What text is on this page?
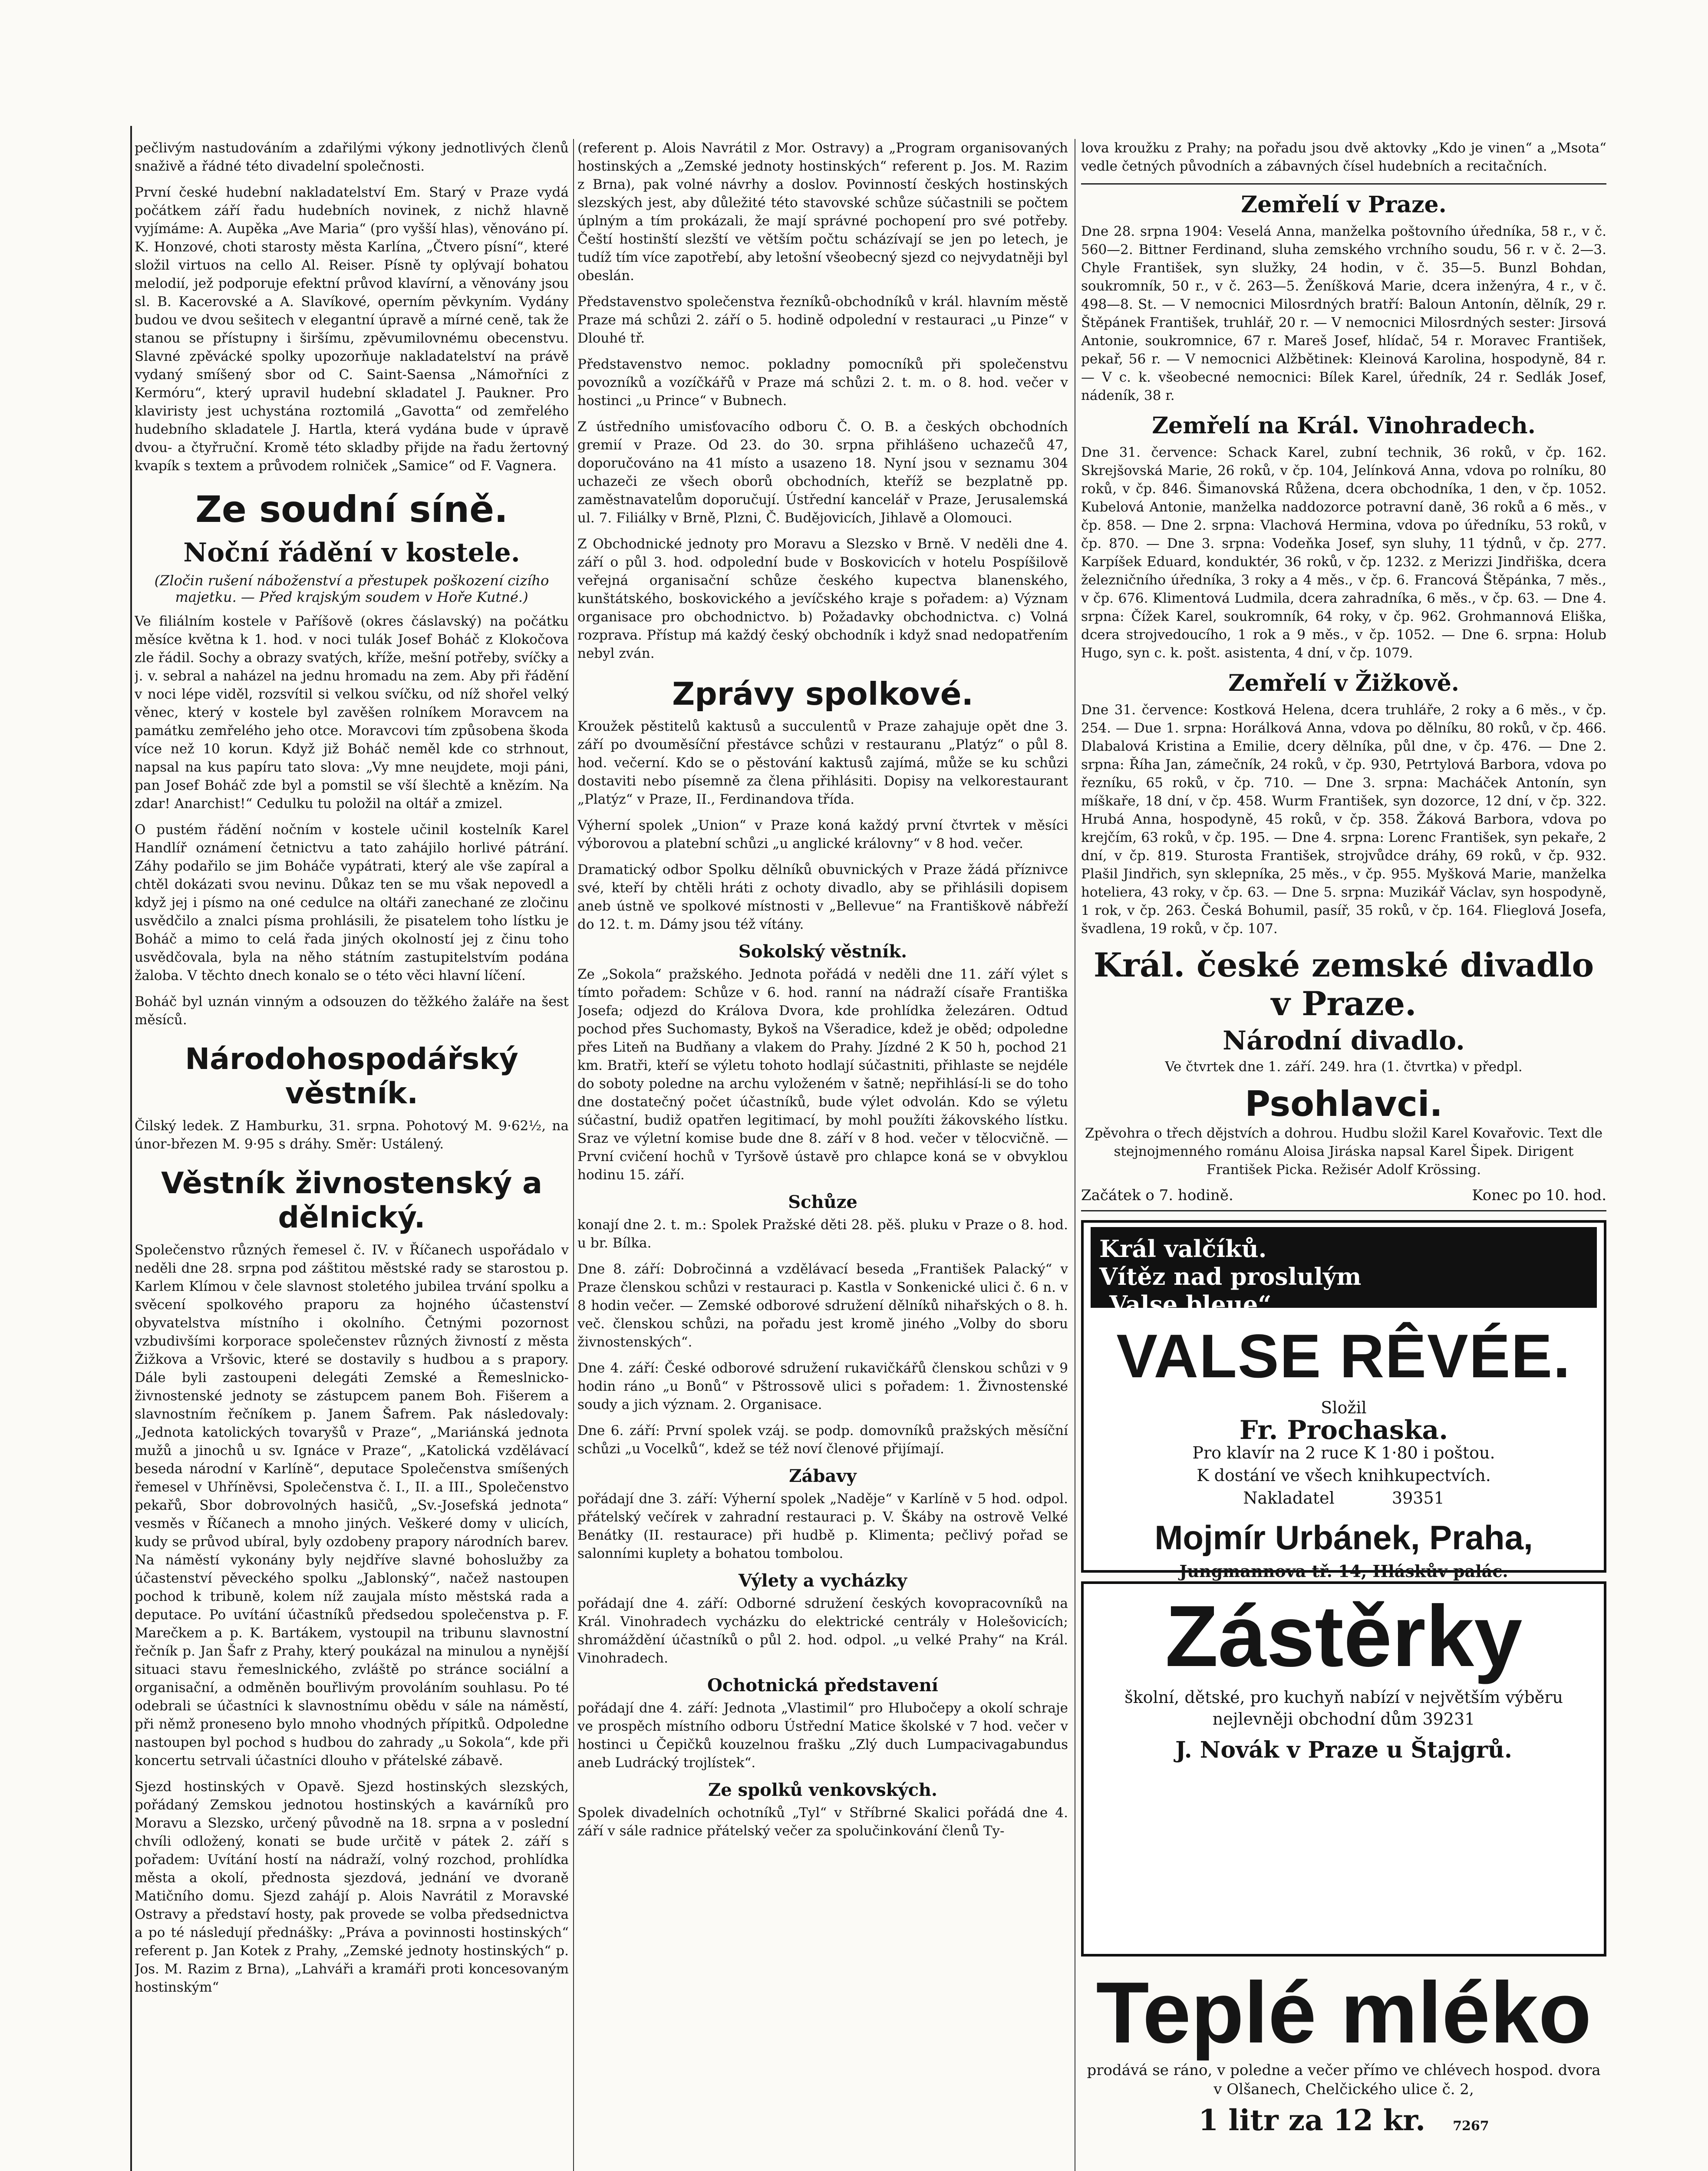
pečlivým nastudováním a zdařilými výkony jednotlivých členů snaživě a řádné této divadelní společnosti.

První české hudební nakladatelství Em. Starý v Praze vydá počátkem září řadu hudebních novinek, z nichž hlavně vyjímáme: A. Aupěka „Ave Maria“ (pro vyšší hlas), věnováno pí. K. Honzové, choti starosty města Karlína, „Čtvero písní“, které složil virtuos na cello Al. Reiser. Písně ty oplývají bohatou melodií, jež podporuje efektní průvod klavírní, a věnovány jsou sl. B. Kacerovské a A. Slavíkové, operním pěvkyním. Vydány budou ve dvou sešitech v elegantní úpravě a mírné ceně, tak že stanou se přístupny i širšímu, zpěvumilovnému obecenstvu. Slavné zpěvácké spolky upozorňuje nakladatelství na právě vydaný smíšený sbor od C. Saint-Saensa „Námořníci z Kermóru“, který upravil hudební skladatel J. Paukner. Pro klaviristy jest uchystána roztomilá „Gavotta“ od zemřelého hudebního skladatele J. Hartla, která vydána bude v úpravě dvou- a čtyřruční. Kromě této skladby přijde na řadu žertovný kvapík s textem a průvodem rolniček „Samice“ od F. Vagnera.

Ze soudní síně.
Noční řádění v kostele.
(Zločin rušení náboženství a přestupek poškození cizího majetku. — Před krajským soudem v Hoře Kutné.)

Ve filiálním kostele v Paříšově (okres čáslavský) na počátku měsíce května k 1. hod. v noci tulák Josef Boháč z Klokočova zle řádil. Sochy a obrazy svatých, kříže, mešní potřeby, svíčky a j. v. sebral a naházel na jednu hromadu na zem. Aby při řádění v noci lépe viděl, rozsvítil si velkou svíčku, od níž shořel velký věnec, který v kostele byl zavěšen rolníkem Moravcem na památku zemřelého jeho otce. Moravcovi tím způsobena škoda více než 10 korun. Když již Boháč neměl kde co strhnout, napsal na kus papíru tato slova: „Vy mne neujdete, moji páni, pan Josef Boháč zde byl a pomstil se vší šlechtě a knězím. Na zdar! Anarchist!“ Cedulku tu položil na oltář a zmizel.

O pustém řádění nočním v kostele učinil kostelník Karel Handlíř oznámení četnictvu a tato zahájilo horlivé pátrání. Záhy podařilo se jim Boháče vypátrati, který ale vše zapíral a chtěl dokázati svou nevinu. Důkaz ten se mu však nepovedl a když jej i písmo na oné cedulce na oltáři zanechané ze zločinu usvědčilo a znalci písma prohlásili, že pisatelem toho lístku je Boháč a mimo to celá řada jiných okolností jej z činu toho usvědčovala, byla na něho státním zastupitelstvím podána žaloba. V těchto dnech konalo se o této věci hlavní líčení.

Boháč byl uznán vinným a odsouzen do těžkého žaláře na šest měsíců.

Národohospodářský věstník.

Čilský ledek. Z Hamburku, 31. srpna. Pohotový M. 9·62½, na únor-březen M. 9·95 s dráhy. Směr: Ustálený.

Věstník živnostenský a dělnický.

Společenstvo různých řemesel č. IV. v Říčanech uspořádalo v neděli dne 28. srpna pod záštitou městské rady se starostou p. Karlem Klímou v čele slavnost stoletého jubilea trvání spolku a svěcení spolkového praporu za hojného účastenství obyvatelstva místního i okolního. Četnými pozornost vzbudivšími korporace společenstev různých živností z města Žižkova a Vršovic, které se dostavily s hudbou a s prapory. Dále byli zastoupeni delegáti Zemské a Řemeslnicko-živnostenské jednoty se zástupcem panem Boh. Fišerem a slavnostním řečníkem p. Janem Šafrem. Pak následovaly: „Jednota katolických tovaryšů v Praze“, „Mariánská jednota mužů a jinochů u sv. Ignáce v Praze“, „Katolická vzdělávací beseda národní v Karlíně“, deputace Společenstva smíšených řemesel v Uhříněvsi, Společenstva č. I., II. a III., Společenstvo pekařů, Sbor dobrovolných hasičů, „Sv.-Josefská jednota“ vesměs v Říčanech a mnoho jiných. Veškeré domy v ulicích, kudy se průvod ubíral, byly ozdobeny prapory národních barev. Na náměstí vykonány byly nejdříve slavné bohoslužby za účastenství pěveckého spolku „Jablonský“, načež nastoupen pochod k tribuně, kolem níž zaujala místo městská rada a deputace. Po uvítání účastníků předsedou společenstva p. F. Marečkem a p. K. Bartákem, vystoupil na tribunu slavnostní řečník p. Jan Šafr z Prahy, který poukázal na minulou a nynější situaci stavu řemeslnického, zvláště po stránce sociální a organisační, a odměněn bouřlivým provoláním souhlasu. Po té odebrali se účastníci k slavnostnímu obědu v sále na náměstí, při němž proneseno bylo mnoho vhodných přípitků. Odpoledne nastoupen byl pochod s hudbou do zahrady „u Sokola“, kde při koncertu setrvali účastníci dlouho v přátelské zábavě.

Sjezd hostinských v Opavě. Sjezd hostinských slezských, pořádaný Zemskou jednotou hostinských a kavárníků pro Moravu a Slezsko, určený původně na 18. srpna a v poslední chvíli odložený, konati se bude určitě v pátek 2. září s pořadem: Uvítání hostí na nádraží, volný rozchod, prohlídka města a okolí, přednosta sjezdová, jednání ve dvoraně Matičního domu. Sjezd zahájí p. Alois Navrátil z Moravské Ostravy a představí hosty, pak provede se volba předsednictva a po té následují přednášky: „Práva a povinnosti hostinských“ referent p. Jan Kotek z Prahy, „Zemské jednoty hostinských“ p. Jos. M. Razim z Brna), „Lahváři a kramáři proti koncesovaným hostinským“

(referent p. Alois Navrátil z Mor. Ostravy) a „Program organisovaných hostinských a „Zemské jednoty hostinských“ referent p. Jos. M. Razim z Brna), pak volné návrhy a doslov. Povinností českých hostinských slezských jest, aby důležité této stavovské schůze súčastnili se počtem úplným a tím prokázali, že mají správné pochopení pro své potřeby. Čeští hostinští slezští ve větším počtu scházívají se jen po letech, je tudíž tím více zapotřebí, aby letošní všeobecný sjezd co nejvydatněji byl obeslán.

Představenstvo společenstva řezníků-obchodníků v král. hlavním městě Praze má schůzi 2. září o 5. hodině odpolední v restauraci „u Pinze“ v Dlouhé tř.

Představenstvo nemoc. pokladny pomocníků při společenstvu povozníků a vozíčkářů v Praze má schůzi 2. t. m. o 8. hod. večer v hostinci „u Prince“ v Bubnech.

Z ústředního umisťovacího odboru Č. O. B. a českých obchodních gremií v Praze. Od 23. do 30. srpna přihlášeno uchazečů 47, doporučováno na 41 místo a usazeno 18. Nyní jsou v seznamu 304 uchazeči ze všech oborů obchodních, kteříž se bezplatně pp. zaměstnavatelům doporučují. Ústřední kancelář v Praze, Jerusalemská ul. 7. Filiálky v Brně, Plzni, Č. Budějovicích, Jihlavě a Olomouci.

Z Obchodnické jednoty pro Moravu a Slezsko v Brně. V neděli dne 4. září o půl 3. hod. odpolední bude v Boskovicích v hotelu Pospíšilově veřejná organisační schůze českého kupectva blanenského, kunštátského, boskovického a jevíčského kraje s pořadem: a) Význam organisace pro obchodnictvo. b) Požadavky obchodnictva. c) Volná rozprava. Přístup má každý český obchodník i když snad nedopatřením nebyl zván.

Zprávy spolkové.

Kroužek pěstitelů kaktusů a succulentů v Praze zahajuje opět dne 3. září po dvouměsíční přestávce schůzi v restauranu „Platýz“ o půl 8. hod. večerní. Kdo se o pěstování kaktusů zajímá, může se ku schůzi dostaviti nebo písemně za člena přihlásiti. Dopisy na velkorestaurant „Platýz“ v Praze, II., Ferdinandova třída.

Výherní spolek „Union“ v Praze koná každý první čtvrtek v měsíci výborovou a platební schůzi „u anglické královny“ v 8 hod. večer.

Dramatický odbor Spolku dělníků obuvnických v Praze žádá příznivce své, kteří by chtěli hráti z ochoty divadlo, aby se přihlásili dopisem aneb ústně ve spolkové místnosti v „Bellevue“ na Františkově nábřeží do 12. t. m. Dámy jsou též vítány.

Sokolský věstník.

Ze „Sokola“ pražského. Jednota pořádá v neděli dne 11. září výlet s tímto pořadem: Schůze v 6. hod. ranní na nádraží císaře Františka Josefa; odjezd do Králova Dvora, kde prohlídka železáren. Odtud pochod přes Suchomasty, Bykoš na Všeradice, kdež je oběd; odpoledne přes Liteň na Budňany a vlakem do Prahy. Jízdné 2 K 50 h, pochod 21 km. Bratři, kteří se výletu tohoto hodlají súčastniti, přihlaste se nejdéle do soboty poledne na archu vyloženém v šatně; nepřihlásí-li se do toho dne dostatečný počet účastníků, bude výlet odvolán. Kdo se výletu súčastní, budiž opatřen legitimací, by mohl použíti žákovského lístku. Sraz ve výletní komise bude dne 8. září v 8 hod. večer v tělocvičně. — První cvičení hochů v Tyršově ústavě pro chlapce koná se v obvyklou hodinu 15. září.

Schůze

konají dne 2. t. m.: Spolek Pražské děti 28. pěš. pluku v Praze o 8. hod. u br. Bílka.

Dne 8. září: Dobročinná a vzdělávací beseda „František Palacký“ v Praze členskou schůzi v restauraci p. Kastla v Sonkenické ulici č. 6 n. v 8 hodin večer. — Zemské odborové sdružení dělníků nihařských o 8. h. več. členskou schůzi, na pořadu jest kromě jiného „Volby do sboru živnostenských“.

Dne 4. září: České odborové sdružení rukavičkářů členskou schůzi v 9 hodin ráno „u Bonů“ v Pštrossově ulici s pořadem: 1. Živnostenské soudy a jich význam. 2. Organisace.

Dne 6. září: První spolek vzáj. se podp. domovníků pražských měsíční schůzi „u Vocelků“, kdež se též noví členové přijímají.

Zábavy

pořádají dne 3. září: Výherní spolek „Naděje“ v Karlíně v 5 hod. odpol. přátelský večírek v zahradní restauraci p. V. Škáby na ostrově Velké Benátky (II. restaurace) při hudbě p. Klimenta; pečlivý pořad se salonními kuplety a bohatou tombolou.

Výlety a vycházky

pořádají dne 4. září: Odborné sdružení českých kovopracovníků na Král. Vinohradech vycházku do elektrické centrály v Holešovicích; shromáždění účastníků o půl 2. hod. odpol. „u velké Prahy“ na Král. Vinohradech.

Ochotnická představení

pořádají dne 4. září: Jednota „Vlastimil“ pro Hlubočepy a okolí schraje ve prospěch místního odboru Ústřední Matice školské v 7 hod. večer v hostinci u Čepičků kouzelnou frašku „Zlý duch Lumpacivagabundus aneb Ludrácký trojlístek“.

Ze spolků venkovských.

Spolek divadelních ochotníků „Tyl“ v Stříbrné Skalici pořádá dne 4. září v sále radnice přátelský večer za spolučinkování členů Ty-

lova kroužku z Prahy; na pořadu jsou dvě aktovky „Kdo je vinen“ a „Msota“ vedle četných původních a zábavných čísel hudebních a recitačních.

Zemřelí v Praze.

Dne 28. srpna 1904: Veselá Anna, manželka poštovního úředníka, 58 r., v č. 560—2. Bittner Ferdinand, sluha zemského vrchního soudu, 56 r. v č. 2—3. Chyle František, syn služky, 24 hodin, v č. 35—5. Bunzl Bohdan, soukromník, 50 r., v č. 263—5. Ženíšková Marie, dcera inženýra, 4 r., v č. 498—8. St. — V nemocnici Milosrdných bratří: Baloun Antonín, dělník, 29 r. Štěpánek František, truhlář, 20 r. — V nemocnici Milosrdných sester: Jirsová Antonie, soukromnice, 67 r. Mareš Josef, hlídač, 54 r. Moravec František, pekař, 56 r. — V nemocnici Alžbětinek: Kleinová Karolina, hospodyně, 84 r. — V c. k. všeobecné nemocnici: Bílek Karel, úředník, 24 r. Sedlák Josef, nádeník, 38 r.

Zemřelí na Král. Vinohradech.

Dne 31. července: Schack Karel, zubní technik, 36 roků, v čp. 162. Skrejšovská Marie, 26 roků, v čp. 104, Jelínková Anna, vdova po rolníku, 80 roků, v čp. 846. Šimanovská Růžena, dcera obchodníka, 1 den, v čp. 1052. Kubelová Antonie, manželka naddozorce potravní daně, 36 roků a 6 měs., v čp. 858. — Dne 2. srpna: Vlachová Hermina, vdova po úředníku, 53 roků, v čp. 870. — Dne 3. srpna: Vodeňka Josef, syn sluhy, 11 týdnů, v čp. 277. Karpíšek Eduard, konduktér, 36 roků, v čp. 1232. z Merizzi Jindřiška, dcera železničního úředníka, 3 roky a 4 měs., v čp. 6. Francová Štěpánka, 7 měs., v čp. 676. Klimentová Ludmila, dcera zahradníka, 6 měs., v čp. 63. — Dne 4. srpna: Čížek Karel, soukromník, 64 roky, v čp. 962. Grohmannová Eliška, dcera strojvedoucího, 1 rok a 9 měs., v čp. 1052. — Dne 6. srpna: Holub Hugo, syn c. k. pošt. asistenta, 4 dní, v čp. 1079.

Zemřelí v Žižkově.

Dne 31. července: Kostková Helena, dcera truhláře, 2 roky a 6 měs., v čp. 254. — Due 1. srpna: Horálková Anna, vdova po dělníku, 80 roků, v čp. 466. Dlabalová Kristina a Emilie, dcery dělníka, půl dne, v čp. 476. — Dne 2. srpna: Říha Jan, zámečník, 24 roků, v čp. 930, Petrtylová Barbora, vdova po řezníku, 65 roků, v čp. 710. — Dne 3. srpna: Macháček Antonín, syn míškaře, 18 dní, v čp. 458. Wurm František, syn dozorce, 12 dní, v čp. 322. Hrubá Anna, hospodyně, 45 roků, v čp. 358. Žáková Barbora, vdova po krejčím, 63 roků, v čp. 195. — Dne 4. srpna: Lorenc František, syn pekaře, 2 dní, v čp. 819. Sturosta František, strojvůdce dráhy, 69 roků, v čp. 932. Plašil Jindřich, syn sklepníka, 25 měs., v čp. 955. Myšková Marie, manželka hoteliera, 43 roky, v čp. 63. — Dne 5. srpna: Muzikář Václav, syn hospodyně, 1 rok, v čp. 263. Česká Bohumil, pasíř, 35 roků, v čp. 164. Flieglová Josefa, švadlena, 19 roků, v čp. 107.

Král. české zemské divadlo v Praze.
Národní divadlo.
Ve čtvrtek dne 1. září. 249. hra (1. čtvrtka) v předpl.
Psohlavci.

Zpěvohra o třech dějstvích a dohrou. Hudbu složil Karel Kovařovic. Text dle stejnojmenného románu Aloisa Jiráska napsal Karel Šipek. Dirigent František Picka. Režisér Adolf Krössing.

Začátek o 7. hodině.	Konec po 10. hod.
Král valčíků.
Vítěz nad proslulým
„Valse bleue“.
VALSE RÊVÉE.
Složil
Fr. Prochaska.
Pro klavír na 2 ruce K 1·80 i poštou.
K dostání ve všech knihkupectvích.
Nakladatel	39351
Mojmír Urbánek, Praha,
Jungmannova tř. 14, Hláskův palác.
Zástěrky
školní, dětské, pro kuchyň nabízí v největším výběru nejlevněji obchodní dům 39231
J. Novák v Praze u Štajgrů.
Teplé mléko
prodává se ráno, v poledne a večer přímo ve chlévech hospod. dvora v Olšanech, Chelčického ulice č. 2,
1 litr za 12 kr. 7267
